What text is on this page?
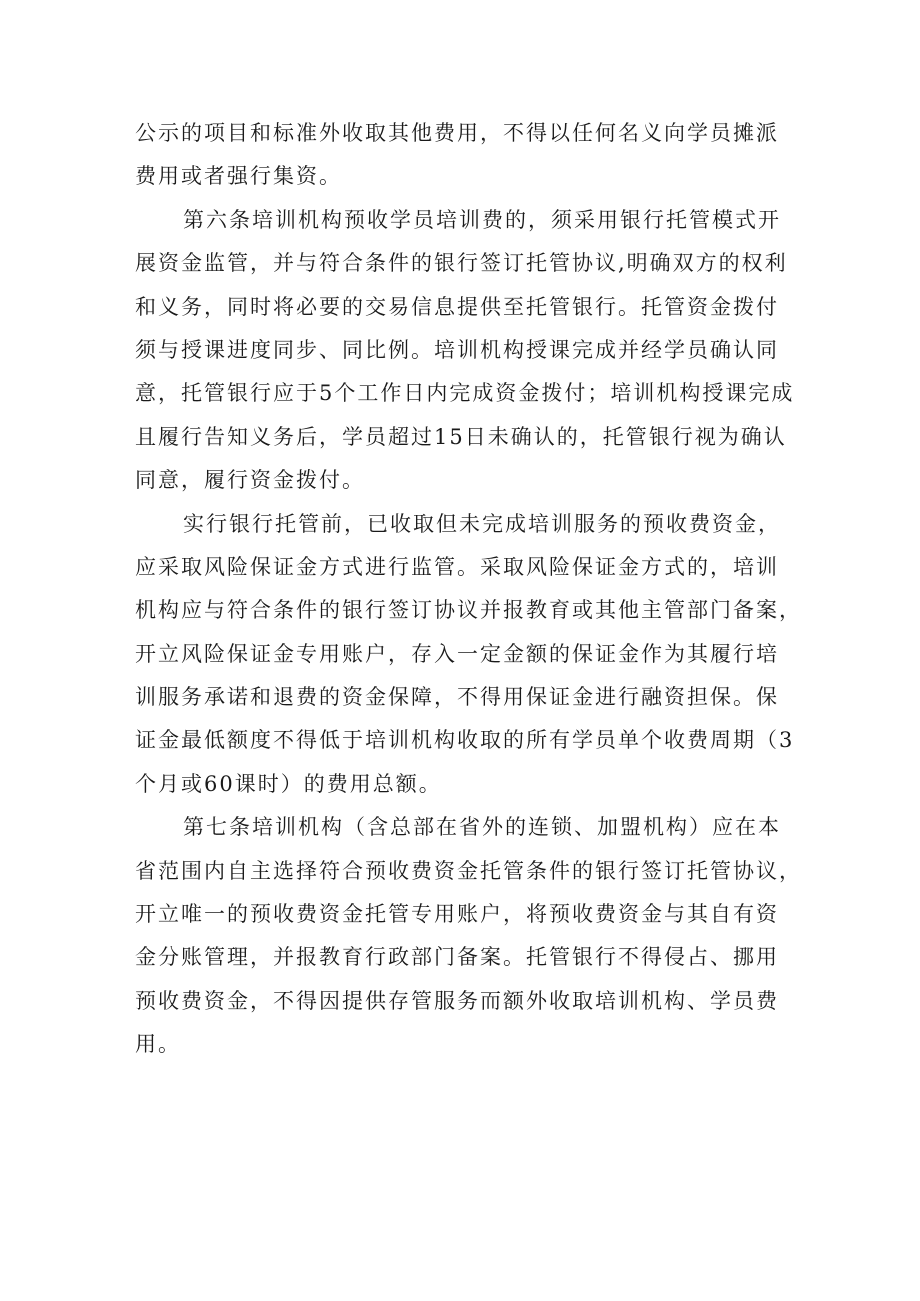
公示的项目和标准外收取其他费用，不得以任何名义向学员摊派
费用或者强行集资。

第六条培训机构预收学员培训费的，须采用银行托管模式开
展资金监管，并与符合条件的银行签订托管协议,明确双方的权利
和义务，同时将必要的交易信息提供至托管银行。托管资金拨付
须与授课进度同步、同比例。培训机构授课完成并经学员确认同
意，托管银行应于5个工作日内完成资金拨付；培训机构授课完成
且履行告知义务后，学员超过15日未确认的，托管银行视为确认
同意，履行资金拨付。

实行银行托管前，已收取但未完成培训服务的预收费资金，
应采取风险保证金方式进行监管。采取风险保证金方式的，培训
机构应与符合条件的银行签订协议并报教育或其他主管部门备案，
开立风险保证金专用账户，存入一定金额的保证金作为其履行培
训服务承诺和退费的资金保障，不得用保证金进行融资担保。保
证金最低额度不得低于培训机构收取的所有学员单个收费周期（3
个月或60课时）的费用总额。

第七条培训机构（含总部在省外的连锁、加盟机构）应在本
省范围内自主选择符合预收费资金托管条件的银行签订托管协议，
开立唯一的预收费资金托管专用账户，将预收费资金与其自有资
金分账管理，并报教育行政部门备案。托管银行不得侵占、挪用
预收费资金，不得因提供存管服务而额外收取培训机构、学员费
用。
